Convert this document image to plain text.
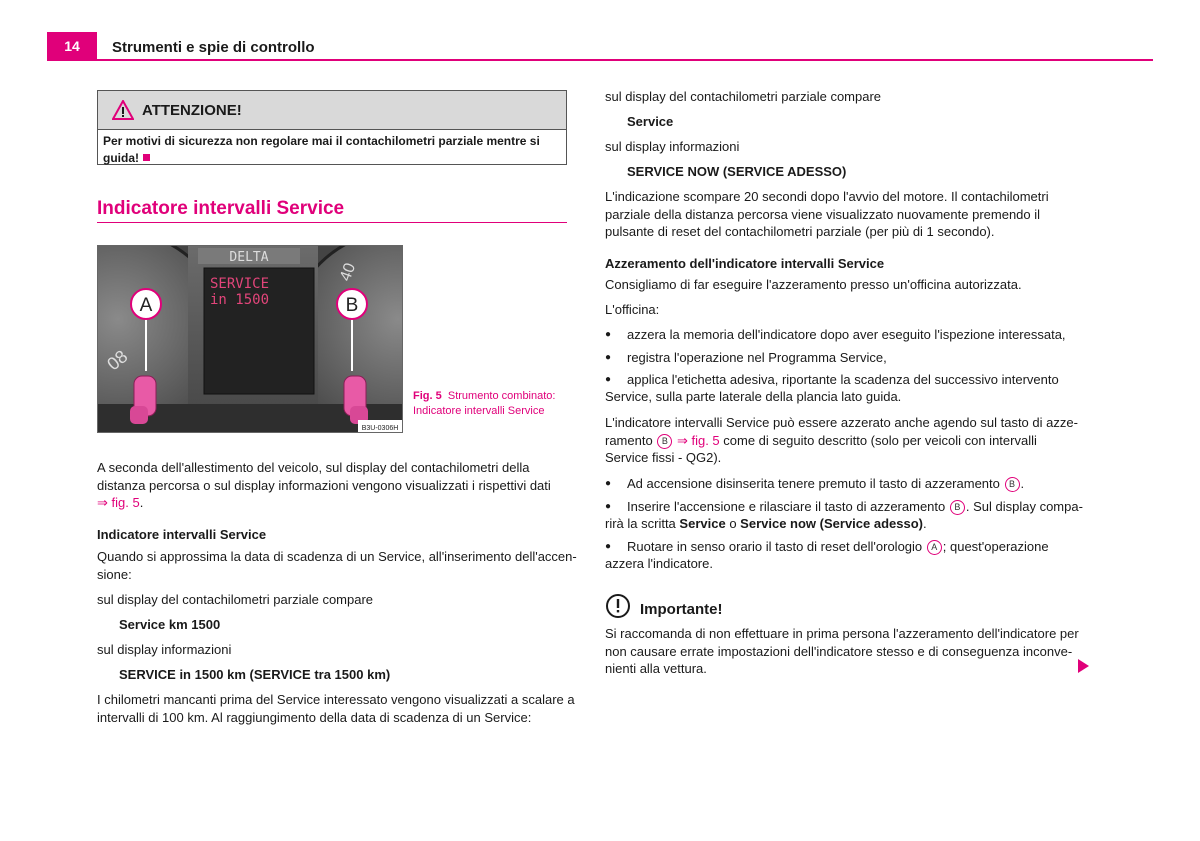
14	Strumenti e spie di controllo
ATTENZIONE!
Per motivi di sicurezza non regolare mai il contachilometri parziale mentre si guida!
Indicatore intervalli Service
DELTA
SERVICE
in 1500
08
40
A	B
B3U-0306H
Fig. 5 Strumento combinato: Indicatore intervalli Service
A seconda dell'allestimento del veicolo, sul display del contachilometri della
distanza percorsa o sul display informazioni vengono visualizzati i rispettivi dati
⇒ fig. 5.
Indicatore intervalli Service
Quando si approssima la data di scadenza di un Service, all'inserimento dell'accen-
sione:
sul display del contachilometri parziale compare
Service km 1500
sul display informazioni
SERVICE in 1500 km (SERVICE tra 1500 km)
I chilometri mancanti prima del Service interessato vengono visualizzati a scalare a
intervalli di 100 km. Al raggiungimento della data di scadenza di un Service:
sul display del contachilometri parziale compare
Service
sul display informazioni
SERVICE NOW (SERVICE ADESSO)
L'indicazione scompare 20 secondi dopo l'avvio del motore. Il contachilometri
parziale della distanza percorsa viene visualizzato nuovamente premendo il
pulsante di reset del contachilometri parziale (per più di 1 secondo).
Azzeramento dell'indicatore intervalli Service
Consigliamo di far eseguire l'azzeramento presso un'officina autorizzata.
L'officina:
● azzera la memoria dell'indicatore dopo aver eseguito l'ispezione interessata,
● registra l'operazione nel Programma Service,
● applica l'etichetta adesiva, riportante la scadenza del successivo intervento
Service, sulla parte laterale della plancia lato guida.
L'indicatore intervalli Service può essere azzerato anche agendo sul tasto di azze-
ramento B ⇒ fig. 5 come di seguito descritto (solo per veicoli con intervalli
Service fissi - QG2).
● Ad accensione disinserita tenere premuto il tasto di azzeramento B .
● Inserire l'accensione e rilasciare il tasto di azzeramento B . Sul display compa-
rirà la scritta Service o Service now (Service adesso).
● Ruotare in senso orario il tasto di reset dell'orologio A ; quest'operazione
azzera l'indicatore.
Importante!
Si raccomanda di non effettuare in prima persona l'azzeramento dell'indicatore per
non causare errate impostazioni dell'indicatore stesso e di conseguenza inconve-
nienti alla vettura.
